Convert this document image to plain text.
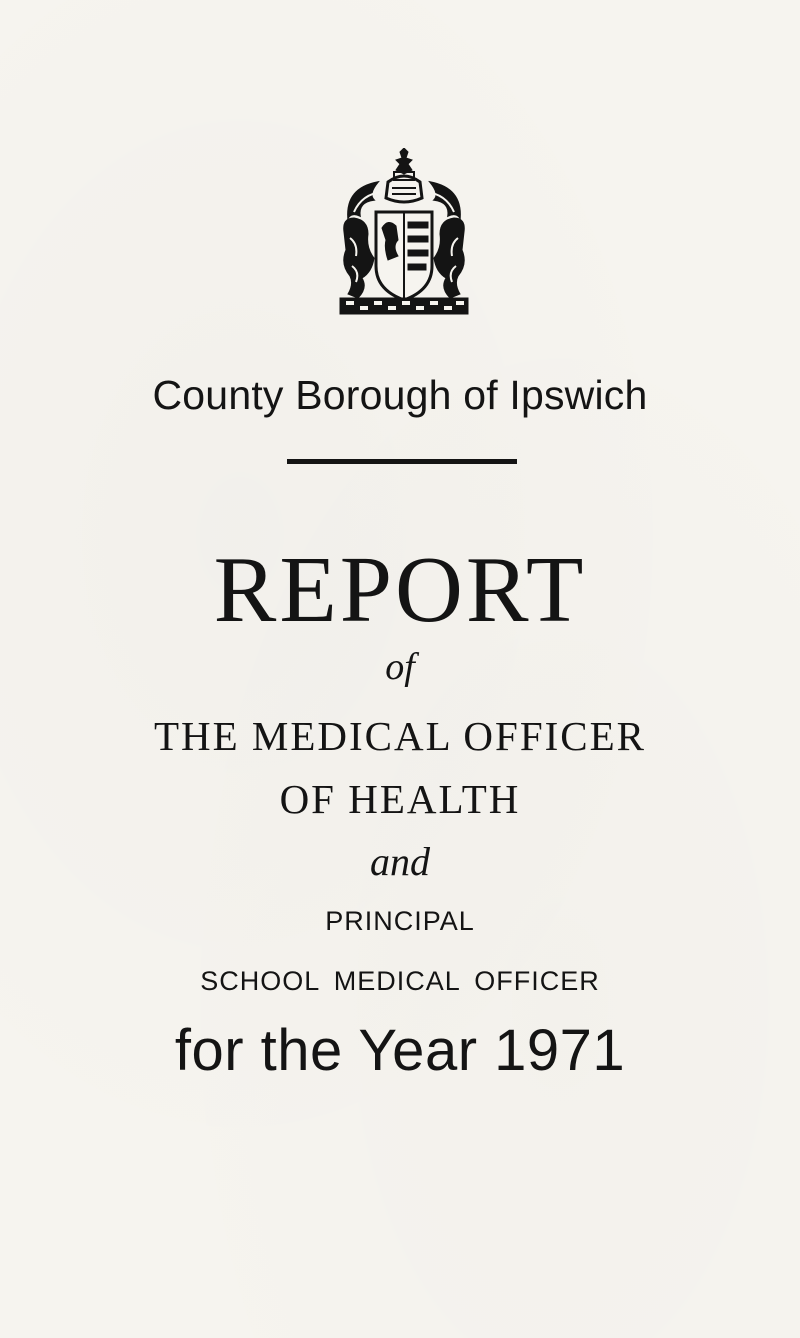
County Borough of Ipswich
REPORT
of
THE MEDICAL OFFICER
OF HEALTH
and
PRINCIPAL
SCHOOL MEDICAL OFFICER
for the Year 1971
